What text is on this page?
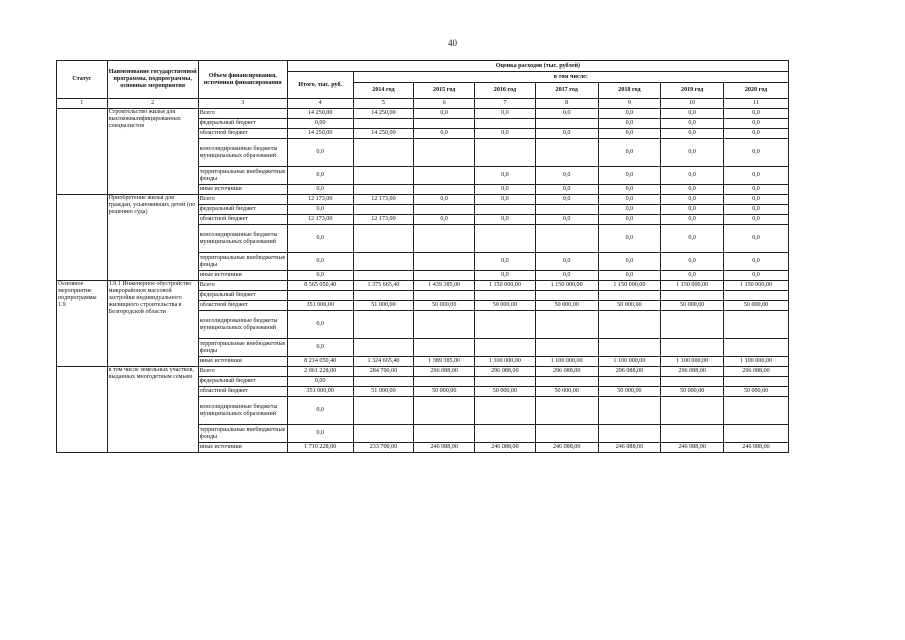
40
Статус	Наименование государственной программы, подпрограммы, основные мероприятия	Объем финансирования, источники финансирования	Оценка расходов (тыс. рублей)							
			Итого, тыс. руб.	в том числе:						
				2014 год	2015 год	2016 год	2017 год	2018 год	2019 год	2020 год
1	2	3	4	5	6	7	8	9	10	11
	Строительство жилья для высококвалифицированных специалистов	Всего	14 250,00	14 250,00	0,0	0,0	0,0	0,0	0,0	0,0
		федеральный бюджет	0,00					0,0	0,0	0,0
		областной бюджет	14 250,00	14 250,00	0,0	0,0	0,0	0,0	0,0	0,0
		консолидированные бюджеты муниципальных образований	0,0					0,0	0,0	0,0
		территориальные внебюджетные фонды	0,0			0,0	0,0	0,0	0,0	0,0
		иные источники	0,0			0,0	0,0	0,0	0,0	0,0
	Приобретение жилья для граждан, усыновивших детей (по решению суда)	Всего	12 173,00	12 173,00	0,0	0,0	0,0	0,0	0,0	0,0
		федеральный бюджет	0,0					0,0	0,0	0,0
		областной бюджет	12 173,00	12 173,00	0,0	0,0	0,0	0,0	0,0	0,0
		консолидированные бюджеты муниципальных образований	0,0					0,0	0,0	0,0
		территориальные внебюджетные фонды	0,0			0,0	0,0	0,0	0,0	0,0
		иные источники	0,0			0,0	0,0	0,0	0,0	0,0
Основное мероприятие подпрограммы 1.9	1.9.1 Инженерное обустройство микрорайонов массовой застройки индивидуального жилищного строительства в Белгородской области	Всего	8 565 050,40	1 375 665,40	1 439 385,00	1 150 000,00	1 150 000,00	1 150 000,00	1 150 000,00	1 150 000,00
		федеральный бюджет								
		областной бюджет	351 000,00	51 000,00	50 000,00	50 000,00	50 000,00	50 000,00	50 000,00	50 000,00
		консолидированные бюджеты муниципальных образований	0,0							
		территориальные внебюджетные фонды	0,0							
		иные источники	8 214 050,40	1 324 665,40	1 389 385,00	1 100 000,00	1 100 000,00	1 100 000,00	1 100 000,00	1 100 000,00
	в том числе земельных участков, выданных многодетным семьям	Всего	2 061 228,00	284 700,00	296 088,00	296 088,00	296 088,00	296 088,00	296 088,00	296 088,00
		федеральный бюджет	0,00							
		областной бюджет	351 000,00	51 000,00	50 000,00	50 000,00	50 000,00	50 000,00	50 000,00	50 000,00
		консолидированные бюджеты муниципальных образований	0,0							
		территориальные внебюджетные фонды	0,0							
		иные источники	1 710 228,00	233 700,00	246 088,00	246 088,00	246 088,00	246 088,00	246 088,00	246 088,00
